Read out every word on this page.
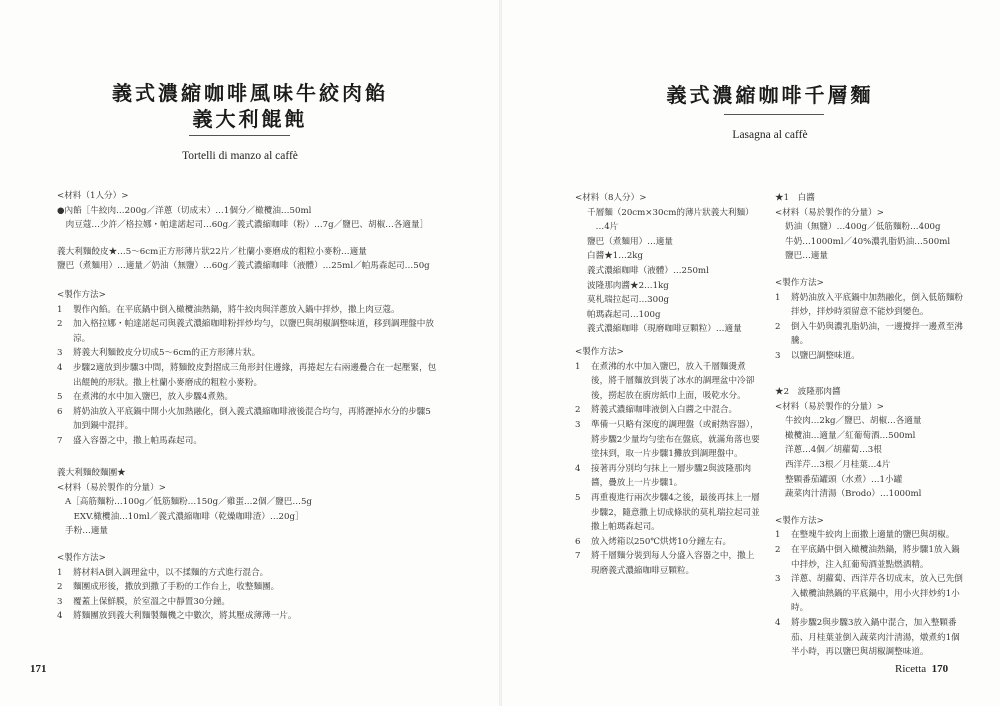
義式濃縮咖啡風味牛絞肉餡
義大利餛飩
Tortelli di manzo al caffè
<材料（1人分）>
●內餡［牛絞肉…200g／洋蔥（切成末）…1個分／橄欖油…50ml
　肉豆蔻…少許／格拉娜・帕達諾起司…60g／義式濃縮咖啡（粉）…7g／鹽巴、胡椒…各適量］
義大利麵餃皮★…5～6cm正方形薄片狀22片／杜蘭小麥磨成的粗粒小麥粉…適量
鹽巴（煮麵用）…適量／奶油（無鹽）…60g／義式濃縮咖啡（液體）…25ml／帕馬森起司…50g
<製作方法>
1	製作內餡。在平底鍋中倒入橄欖油熱鍋，將牛絞肉與洋蔥放入鍋中拌炒，撒上肉豆蔻。
2	加入格拉娜・帕達諾起司與義式濃縮咖啡粉拌炒均勻，以鹽巴與胡椒調整味道，移到調理盤中放涼。
3	將義大利麵餃皮分切成5～6cm的正方形薄片狀。
4	步驟2適放到步驟3中間，將麵餃皮對摺成三角形封住邊緣，再捲起左右兩邊疊合在一起壓緊，包出餛飩的形狀。撒上杜蘭小麥磨成的粗粒小麥粉。
5	在煮沸的水中加入鹽巴，放入步驟4煮熟。
6	將奶油放入平底鍋中開小火加熱融化，倒入義式濃縮咖啡液後混合均勻，再將瀝掉水分的步驟5加到鍋中混拌。
7	盛入容器之中，撒上帕馬森起司。
義大利麵餃麵團★
<材料（易於製作的分量）>
A［高筋麵粉…100g／低筋麵粉…150g／雞蛋…2個／鹽巴…5g
　EXV.橄欖油…10ml／義式濃縮咖啡（乾燥咖啡渣）…20g］
手粉…適量
<製作方法>
1	將材料A倒入調理盆中，以不揉麵的方式進行混合。
2	麵團成形後，撒放到撒了手粉的工作台上，收整麵團。
3	覆蓋上保鮮膜，於室溫之中靜置30分鐘。
4	將麵團放到義大利麵製麵機之中數次，將其壓成薄薄一片。
171
義式濃縮咖啡千層麵
Lasagna al caffè
<材料（8人分）>
千層麵（20cm×30cm的薄片狀義大利麵）
　…4片
鹽巴（煮麵用）…適量
白醬★1…2kg
義式濃縮咖啡（液體）…250ml
波隆那肉醬★2…1kg
莫札瑞拉起司…300g
帕瑪森起司…100g
義式濃縮咖啡（現磨咖啡豆顆粒）…適量
<製作方法>
1	在煮沸的水中加入鹽巴，放入千層麵燙煮後，將千層麵放到裝了冰水的調理盆中冷卻後，撈起放在廚房紙巾上面，吸乾水分。
2	將義式濃縮咖啡液倒入白醬之中混合。
3	準備一只略有深度的調理盤（或耐熱容器），將步驟2少量均勻塗布在盤底，就滿角落也要塗抹到，取一片步驟1攤放到調理盤中。
4	接著再分別均勻抹上一層步驟2與波隆那肉醬，疊放上一片步驟1。
5	再重複進行兩次步驟4之後，最後再抹上一層步驟2，隨意撒上切成條狀的莫札瑞拉起司並撒上帕瑪森起司。
6	放入烤箱以250℃烘烤10分鐘左右。
7	將千層麵分裝到每人分盛入容器之中，撒上現磨義式濃縮咖啡豆顆粒。
★1　白醬
<材料（易於製作的分量）>
奶油（無鹽）…400g／低筋麵粉…400g
牛奶…1000ml／40%濃乳脂奶油…500ml
鹽巴…適量
<製作方法>
1	將奶油放入平底鍋中加熱融化，倒入低筋麵粉拌炒，拌炒時須留意不能炒到變色。
2	倒入牛奶與濃乳脂奶油，一邊攪拌一邊煮至沸騰。
3	以鹽巴調整味道。
★2　波隆那肉醬
<材料（易於製作的分量）>
牛絞肉…2kg／鹽巴、胡椒…各適量
橄欖油…適量／紅葡萄酒…500ml
洋蔥…4個／胡蘿蔔…3根
西洋芹…3根／月桂葉…4片
整顆番茄罐頭（水煮）…1小罐
蔬菜肉汁清湯（Brodo）…1000ml
<製作方法>
1	在整塊牛絞肉上面撒上適量的鹽巴與胡椒。
2	在平底鍋中倒入橄欖油熱鍋，將步驟1放入鍋中拌炒，注入紅葡萄酒並點燃酒精。
3	洋蔥、胡蘿蔔、西洋芹各切成末，放入已先倒入橄欖油熱鍋的平底鍋中，用小火拌炒約1小時。
4	將步驟2與步驟3放入鍋中混合，加入整顆番茄、月桂葉並倒入蔬菜肉汁清湯，燉煮約1個半小時，再以鹽巴與胡椒調整味道。
Ricetta 170
